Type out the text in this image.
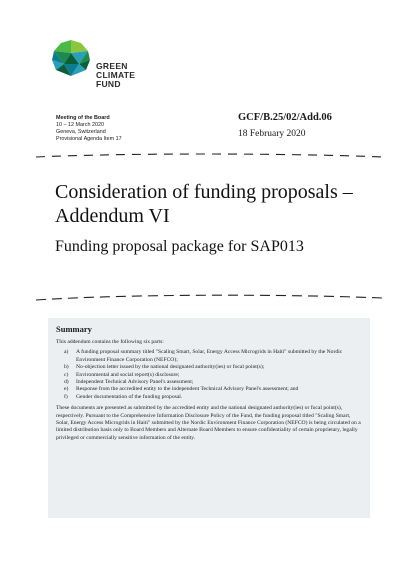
GREEN
CLIMATE
FUND
Meeting of the Board
10 – 12 March 2020
Geneva, Switzerland
Provisional Agenda Item 17
GCF/B.25/02/Add.06
18 February 2020
Consideration of funding proposals – Addendum VI
Funding proposal package for SAP013
Summary
This addendum contains the following six parts:
a)	A funding proposal summary titled "Scaling Smart, Solar, Energy Access Microgrids in Haiti" submitted by the Nordic Environment Finance Corporation (NEFCO);
b)	No-objection letter issued by the national designated authority(ies) or focal point(s);
c)	Environmental and social report(s) disclosure;
d)	Independent Technical Advisory Panel's assessment;
e)	Response from the accredited entity to the independent Technical Advisory Panel's assessment; and
f)	Gender documentation of the funding proposal.
These documents are presented as submitted by the accredited entity and the national designated authority(ies) or focal point(s), respectively. Pursuant to the Comprehensive Information Disclosure Policy of the Fund, the funding proposal titled "Scaling Smart, Solar, Energy Access Microgrids in Haiti" submitted by the Nordic Environment Finance Corporation (NEFCO) is being circulated on a limited distribution basis only to Board Members and Alternate Board Members to ensure confidentiality of certain proprietary, legally privileged or commercially sensitive information of the entity.
